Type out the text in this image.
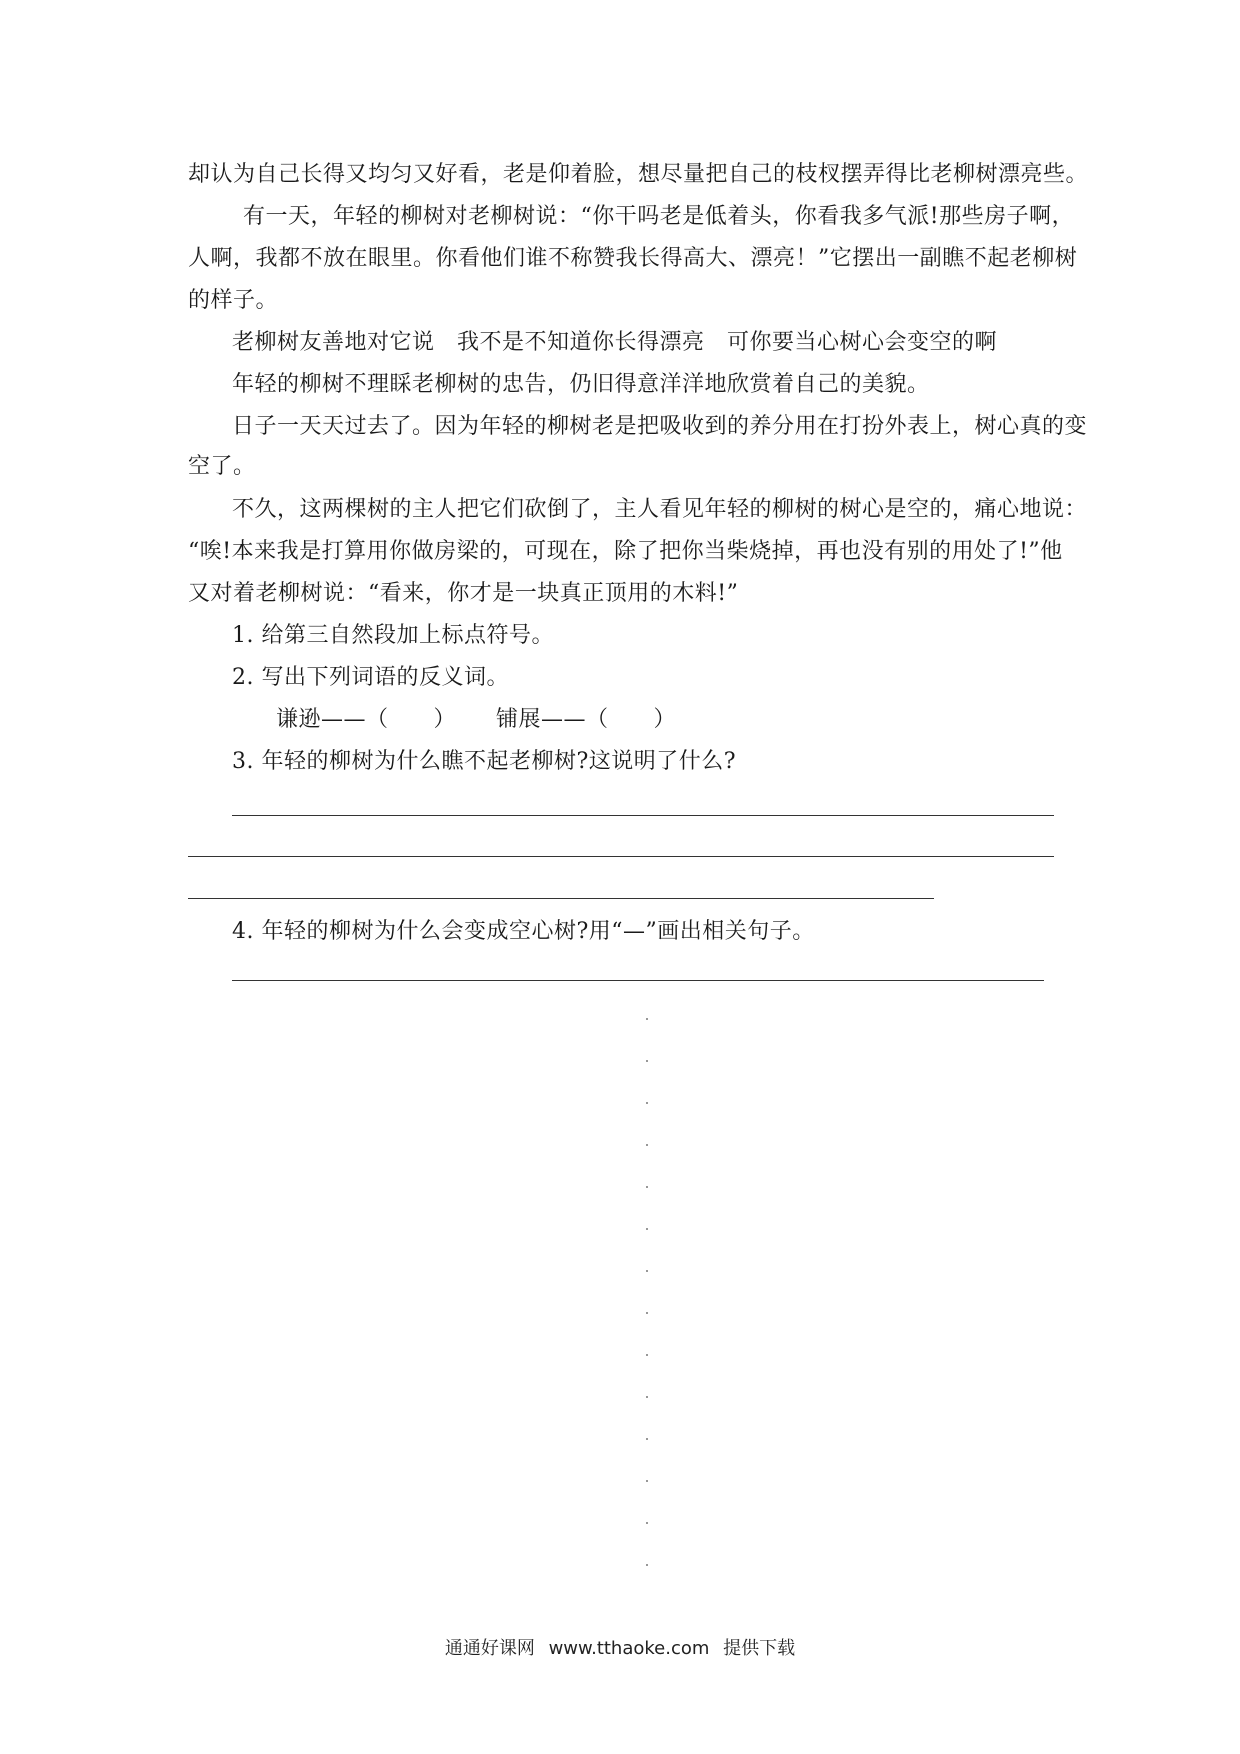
却认为自己长得又均匀又好看，老是仰着脸，想尽量把自己的枝杈摆弄得比老柳树漂亮些。
有一天，年轻的柳树对老柳树说：“你干吗老是低着头，你看我多气派!那些房子啊，
人啊，我都不放在眼里。你看他们谁不称赞我长得高大、漂亮！”它摆出一副瞧不起老柳树
的样子。
老柳树友善地对它说　我不是不知道你长得漂亮　可你要当心树心会变空的啊
年轻的柳树不理睬老柳树的忠告，仍旧得意洋洋地欣赏着自己的美貌。
日子一天天过去了。因为年轻的柳树老是把吸收到的养分用在打扮外表上，树心真的变
空了。
不久，这两棵树的主人把它们砍倒了，主人看见年轻的柳树的树心是空的，痛心地说：
“唉!本来我是打算用你做房梁的，可现在，除了把你当柴烧掉，再也没有别的用处了!”他
又对着老柳树说：“看来，你才是一块真正顶用的木料!”
1. 给第三自然段加上标点符号。
2. 写出下列词语的反义词。
谦逊——（　　） 铺展——（　　）
3. 年轻的柳树为什么瞧不起老柳树?这说明了什么?
4. 年轻的柳树为什么会变成空心树?用“—”画出相关句子。
通通好课网 www.tthaoke.com 提供下载
